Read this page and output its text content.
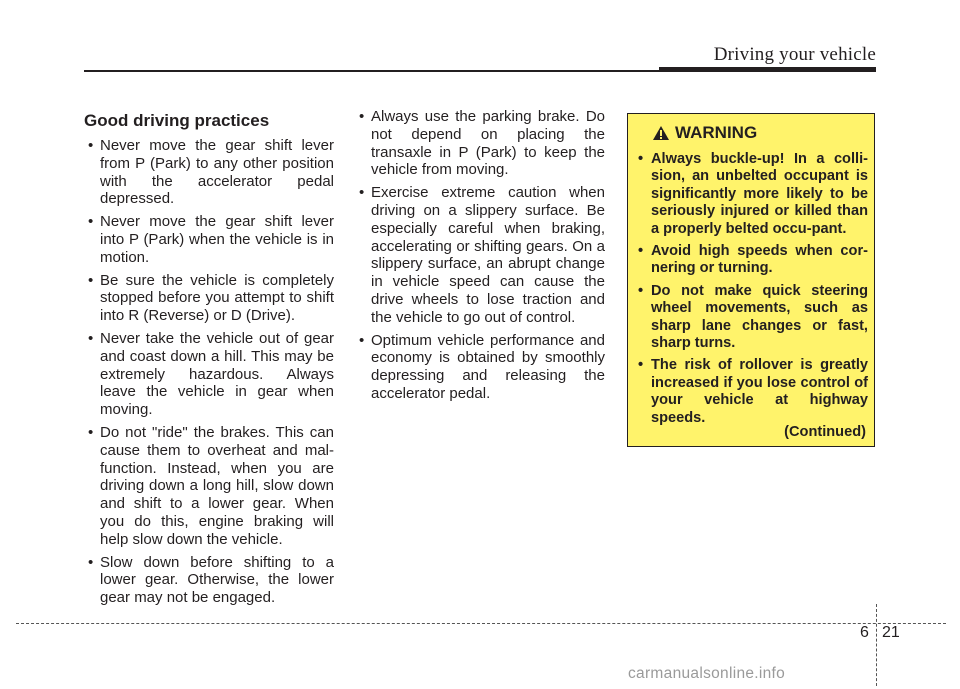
Driving your vehicle
Good driving practices
• Never move the gear shift lever from P (Park) to any other position with the accelerator pedal depressed.
• Never move the gear shift lever into P (Park) when the vehicle is in motion.
• Be sure the vehicle is completely stopped before you attempt to shift into R (Reverse) or D (Drive).
• Never take the vehicle out of gear and coast down a hill. This may be extremely hazardous. Always leave the vehicle in gear when moving.
• Do not "ride" the brakes. This can cause them to overheat and mal-function. Instead, when you are driving down a long hill, slow down and shift to a lower gear. When you do this, engine braking will help slow down the vehicle.
• Slow down before shifting to a lower gear. Otherwise, the lower gear may not be engaged.
• Always use the parking brake. Do not depend on placing the transaxle in P (Park) to keep the vehicle from moving.
• Exercise extreme caution when driving on a slippery surface. Be especially careful when braking, accelerating or shifting gears. On a slippery surface, an abrupt change in vehicle speed can cause the drive wheels to lose traction and the vehicle to go out of control.
• Optimum vehicle performance and economy is obtained by smoothly depressing and releasing the accelerator pedal.
WARNING
• Always buckle-up! In a colli-sion, an unbelted occupant is significantly more likely to be seriously injured or killed than a properly belted occu-pant.
• Avoid high speeds when cor-nering or turning.
• Do not make quick steering wheel movements, such as sharp lane changes or fast, sharp turns.
• The risk of rollover is greatly increased if you lose control of your vehicle at highway speeds.
(Continued)
6 21
carmanualsonline.info
